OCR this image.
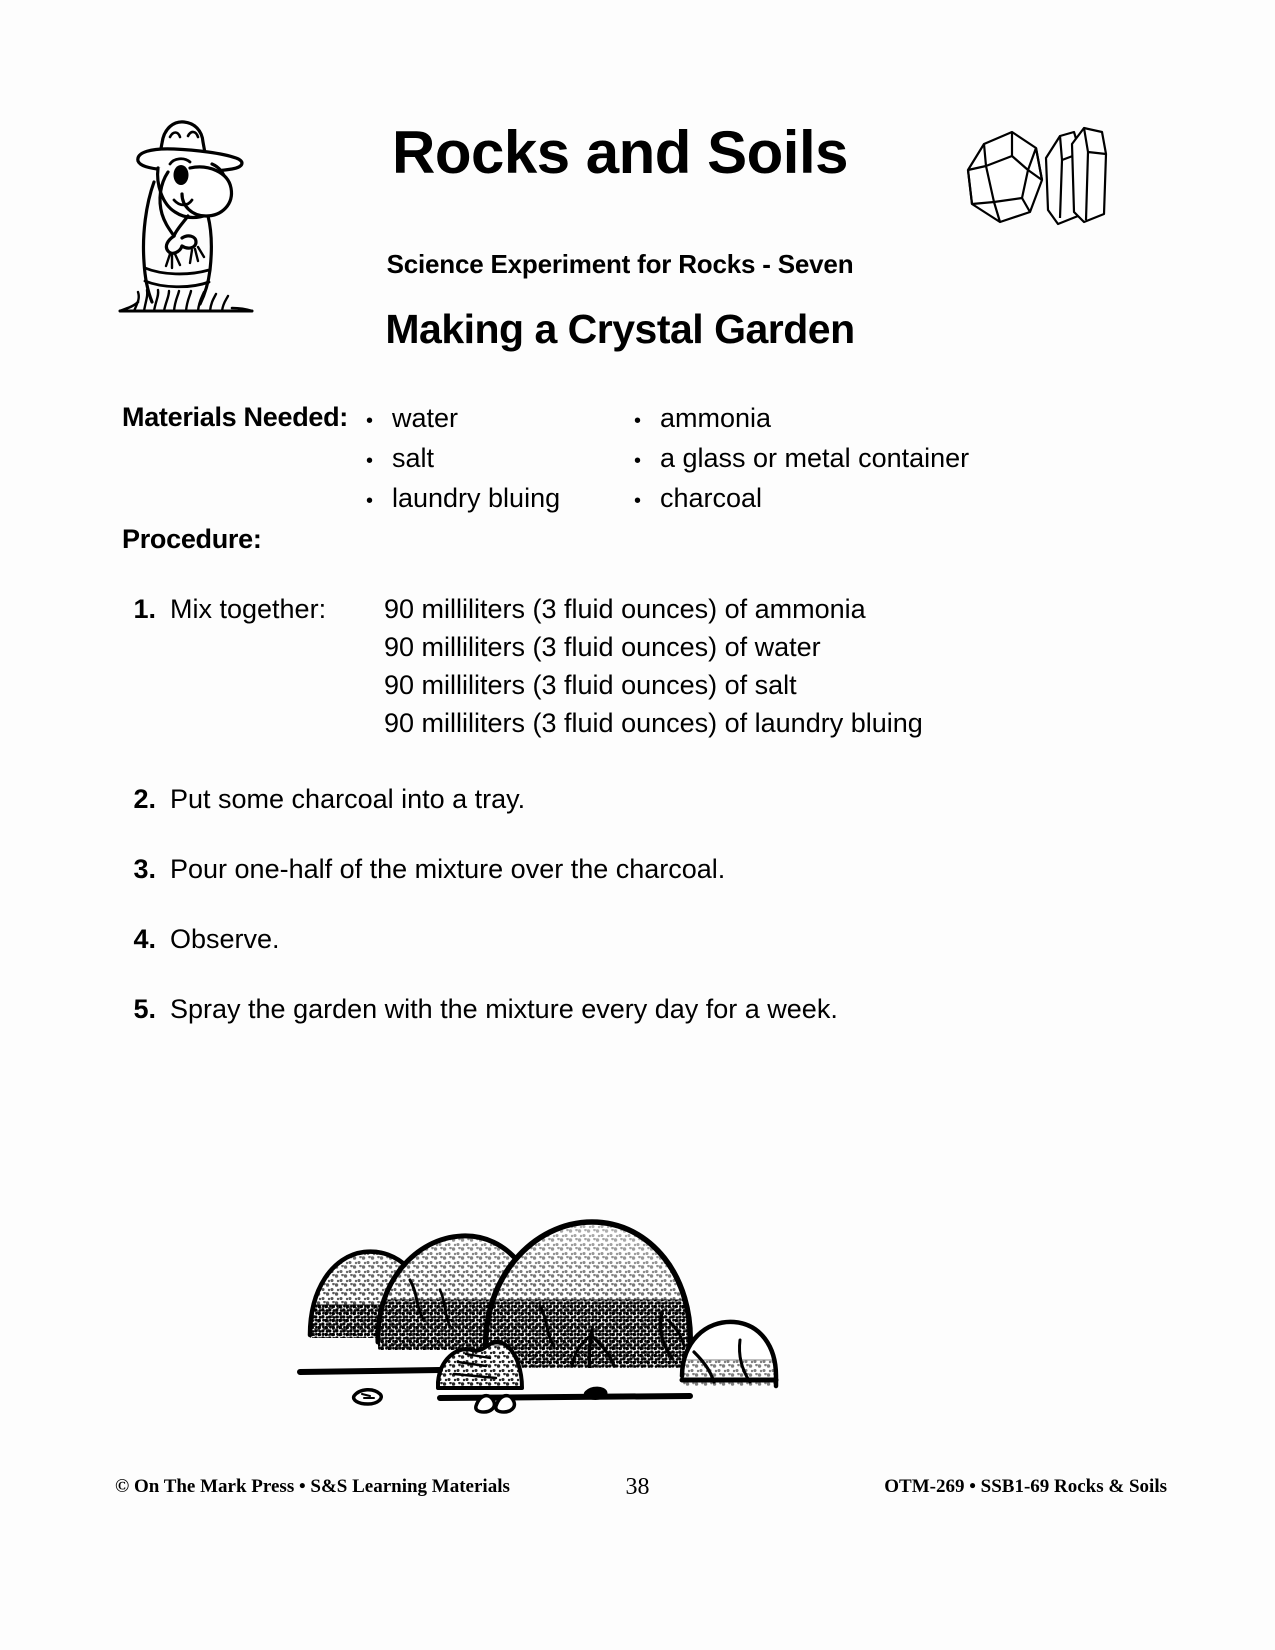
Rocks and Soils
Science Experiment for Rocks - Seven
Making a Crystal Garden
Materials Needed: • water
• salt
• laundry bluing
• ammonia
• a glass or metal container
• charcoal
Procedure:
1. Mix together:	90 milliliters (3 fluid ounces) of ammonia
90 milliliters (3 fluid ounces) of water
90 milliliters (3 fluid ounces) of salt
90 milliliters (3 fluid ounces) of laundry bluing
2. Put some charcoal into a tray.
3. Pour one-half of the mixture over the charcoal.
4. Observe.
5. Spray the garden with the mixture every day for a week.
© On The Mark Press • S&S Learning Materials	38	OTM-269 • SSB1-69 Rocks & Soils
